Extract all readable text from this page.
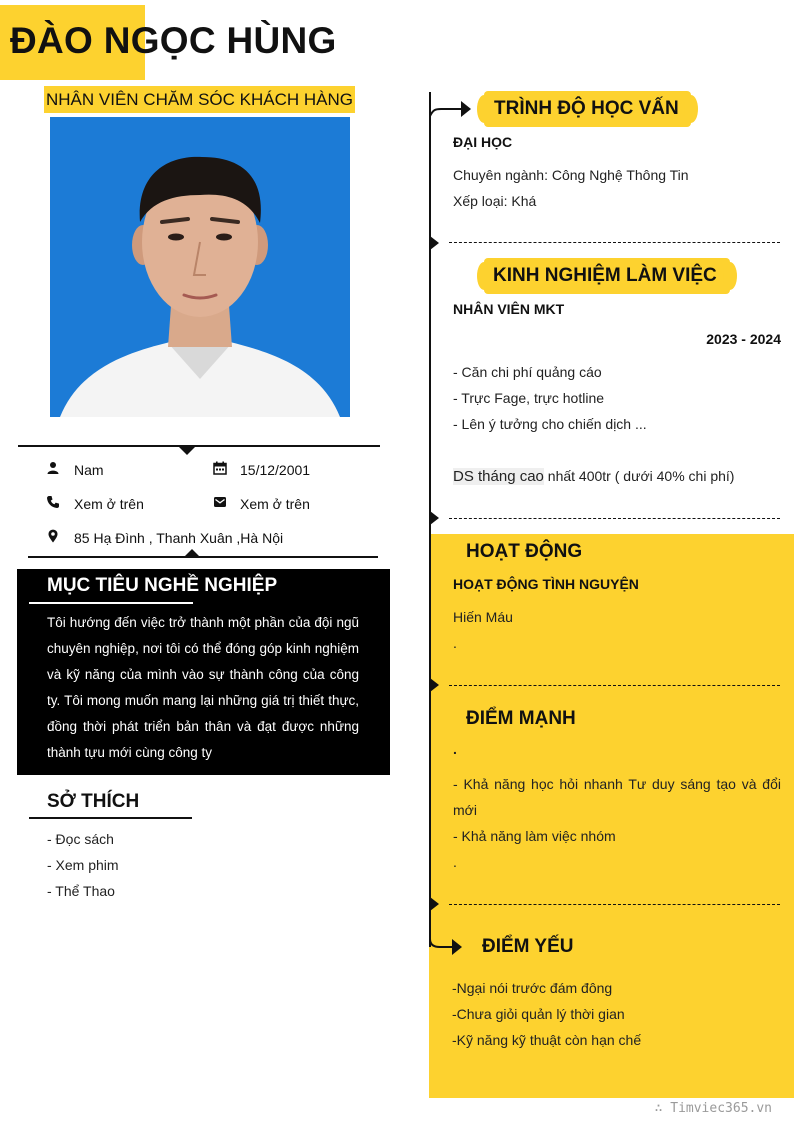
ĐÀO NGỌC HÙNG
NHÂN VIÊN CHĂM SÓC KHÁCH HÀNG
Nam	15/12/2001
Xem ở trên	Xem ở trên
85 Hạ Đình , Thanh Xuân ,Hà Nội
MỤC TIÊU NGHỀ NGHIỆP
Tôi hướng đến việc trở thành một phần của đội ngũ chuyên nghiệp, nơi tôi có thể đóng góp kinh nghiệm và kỹ năng của mình vào sự thành công của công ty. Tôi mong muốn mang lại những giá trị thiết thực, đồng thời phát triển bản thân và đạt được những thành tựu mới cùng công ty
SỞ THÍCH
- Đọc sách
- Xem phim
- Thể Thao
TRÌNH ĐỘ HỌC VẤN
ĐẠI HỌC
Chuyên ngành: Công Nghệ Thông Tin
Xếp loại: Khá
KINH NGHIỆM LÀM VIỆC
NHÂN VIÊN MKT
2023 - 2024
- Căn chi phí quảng cáo
- Trực Fage, trực hotline
- Lên ý tưởng cho chiến dịch ...
DS tháng cao nhất 400tr ( dưới 40% chi phí)
HOẠT ĐỘNG
HOẠT ĐỘNG TÌNH NGUYỆN
Hiến Máu
.
ĐIỂM MẠNH
.
- Khả năng học hỏi nhanh Tư duy sáng tạo và đổi mới
- Khả năng làm việc nhóm
.
ĐIỂM YẾU
-Ngại nói trước đám đông
-Chưa giỏi quản lý thời gian
-Kỹ năng kỹ thuật còn hạn chế
∴ Timviec365.vn
